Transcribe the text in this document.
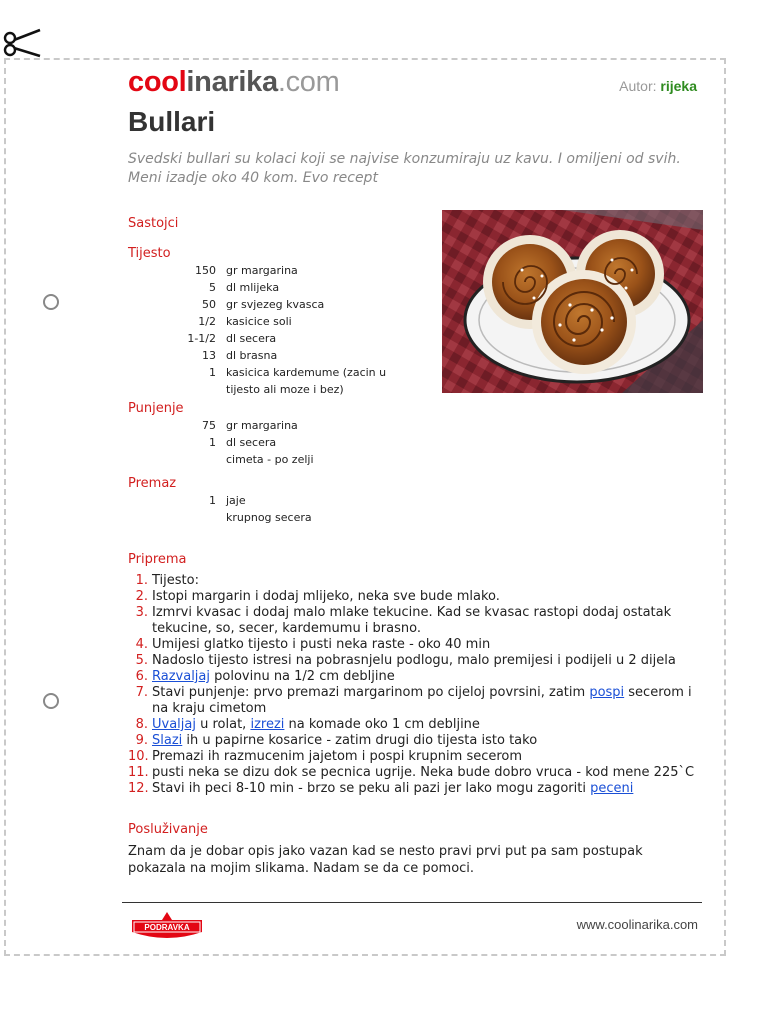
coolinarika.com	Autor: rijeka
Bullari
Svedski bullari su kolaci koji se najvise konzumiraju uz kavu. I omiljeni od svih. Meni izadje oko 40 kom. Evo recept
Sastojci
Tijesto
150 gr margarina
5 dl mlijeka
50 gr svjezeg kvasca
1/2 kasicice soli
1-1/2 dl secera
13 dl brasna
1 kasicica kardemume (zacin u tijesto ali moze i bez)
Punjenje
75 gr margarina
1 dl secera
cimeta - po zelji
Premaz
1 jaje
krupnog secera
Priprema
1. Tijesto:
2. Istopi margarin i dodaj mlijeko, neka sve bude mlako.
3. Izmrvi kvasac i dodaj malo mlake tekucine. Kad se kvasac rastopi dodaj ostatak tekucine, so, secer, kardemumu i brasno.
4. Umijesi glatko tijesto i pusti neka raste - oko 40 min
5. Nadoslo tijesto istresi na pobrasnjelu podlogu, malo premijesi i podijeli u 2 dijela
6. Razvaljaj polovinu na 1/2 cm debljine
7. Stavi punjenje: prvo premazi margarinom po cijeloj povrsini, zatim pospi secerom i na kraju cimetom
8. Uvaljaj u rolat, izrezi na komade oko 1 cm debljine
9. Slazi ih u papirne kosarice - zatim drugi dio tijesta isto tako
10. Premazi ih razmucenim jajetom i pospi krupnim secerom
11. pusti neka se dizu dok se pecnica ugrije. Neka bude dobro vruca - kod mene 225`C
12. Stavi ih peci 8-10 min - brzo se peku ali pazi jer lako mogu zagoriti peceni
Posluživanje
Znam da je dobar opis jako vazan kad se nesto pravi prvi put pa sam postupak pokazala na mojim slikama. Nadam se da ce pomoci.
PODRAVKA	www.coolinarika.com
